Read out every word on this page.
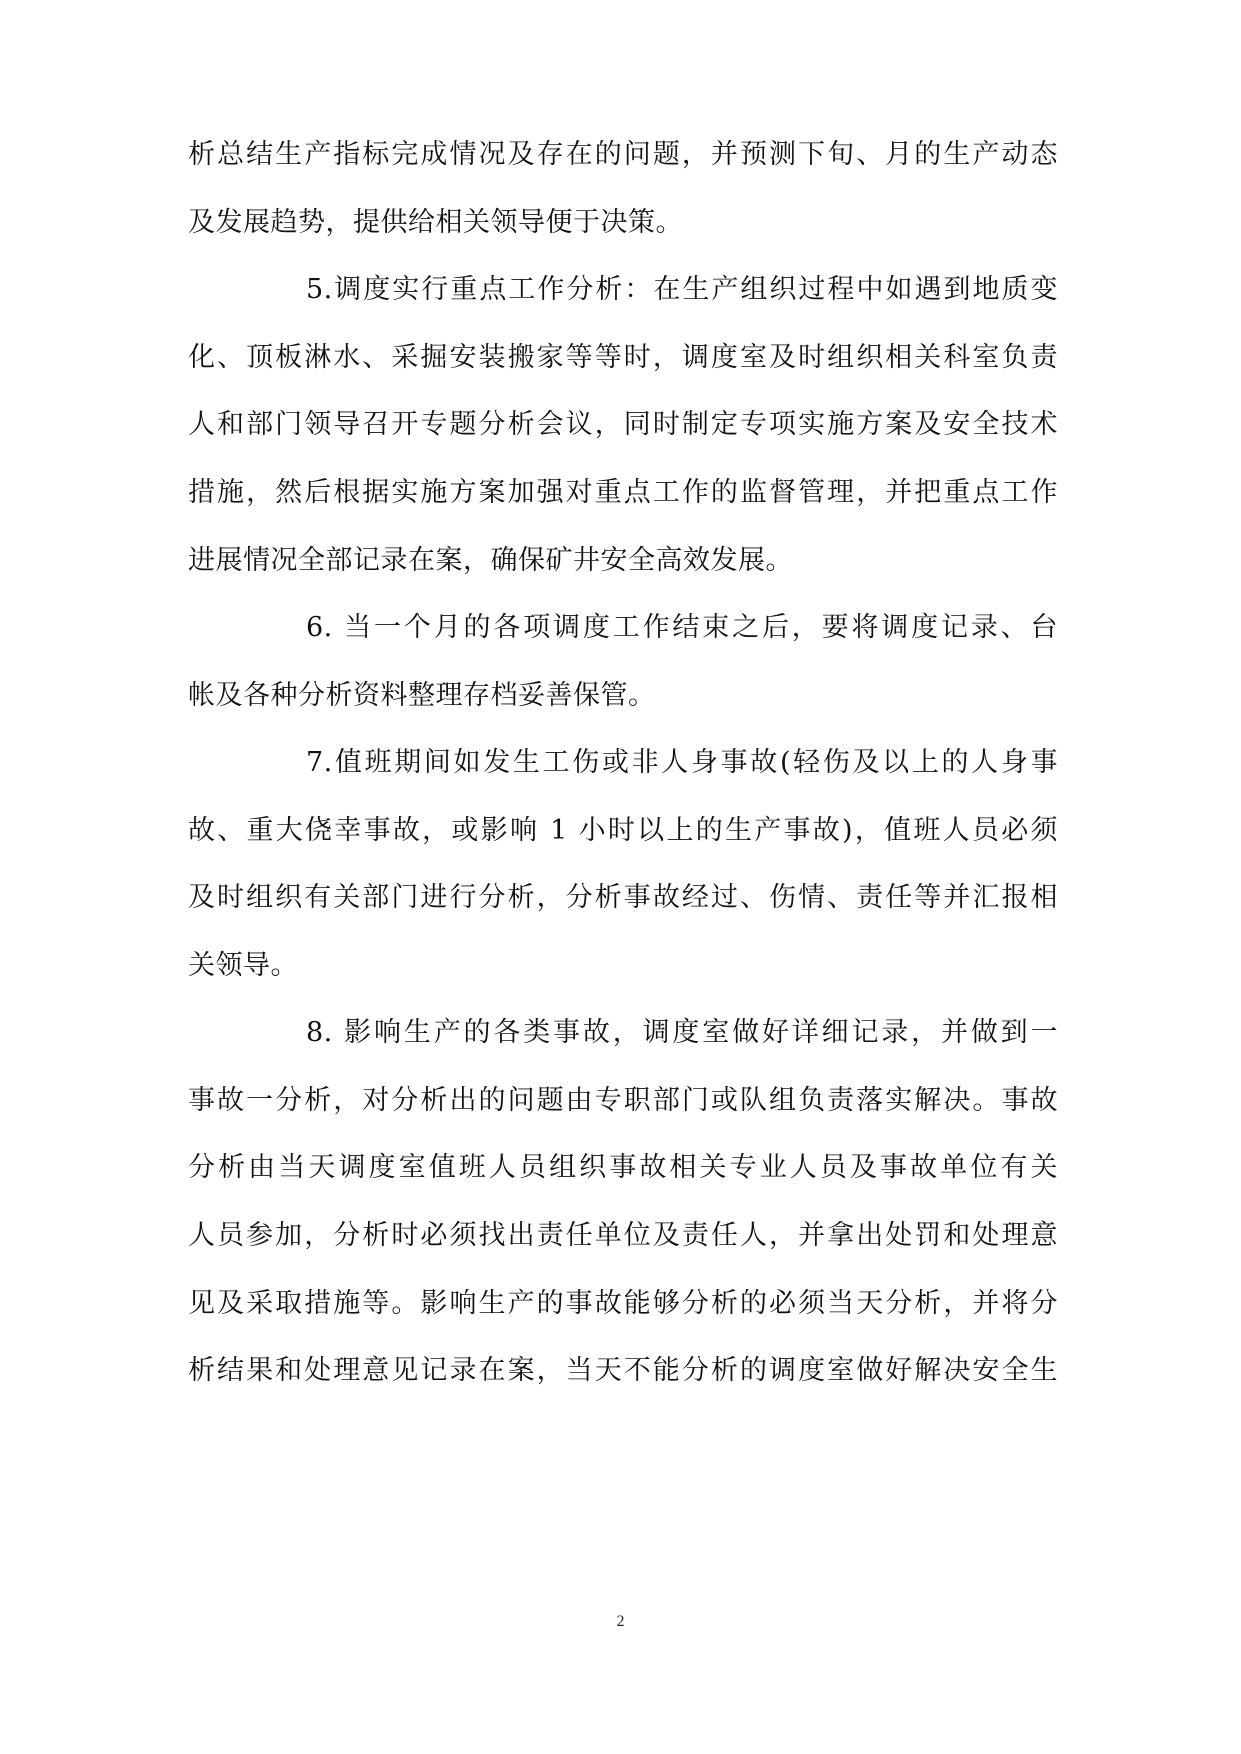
析总结生产指标完成情况及存在的问题，并预测下旬、月的生产动态
及发展趋势，提供给相关领导便于决策。
5.调度实行重点工作分析：在生产组织过程中如遇到地质变
化、顶板淋水、采掘安装搬家等等时，调度室及时组织相关科室负责
人和部门领导召开专题分析会议，同时制定专项实施方案及安全技术
措施，然后根据实施方案加强对重点工作的监督管理，并把重点工作
进展情况全部记录在案，确保矿井安全高效发展。
6. 当一个月的各项调度工作结束之后，要将调度记录、台
帐及各种分析资料整理存档妥善保管。
7.值班期间如发生工伤或非人身事故(轻伤及以上的人身事
故、重大侥幸事故，或影响 1 小时以上的生产事故)，值班人员必须
及时组织有关部门进行分析，分析事故经过、伤情、责任等并汇报相
关领导。
8. 影响生产的各类事故，调度室做好详细记录，并做到一
事故一分析，对分析出的问题由专职部门或队组负责落实解决。事故
分析由当天调度室值班人员组织事故相关专业人员及事故单位有关
人员参加，分析时必须找出责任单位及责任人，并拿出处罚和处理意
见及采取措施等。影响生产的事故能够分析的必须当天分析，并将分
析结果和处理意见记录在案，当天不能分析的调度室做好解决安全生
2
